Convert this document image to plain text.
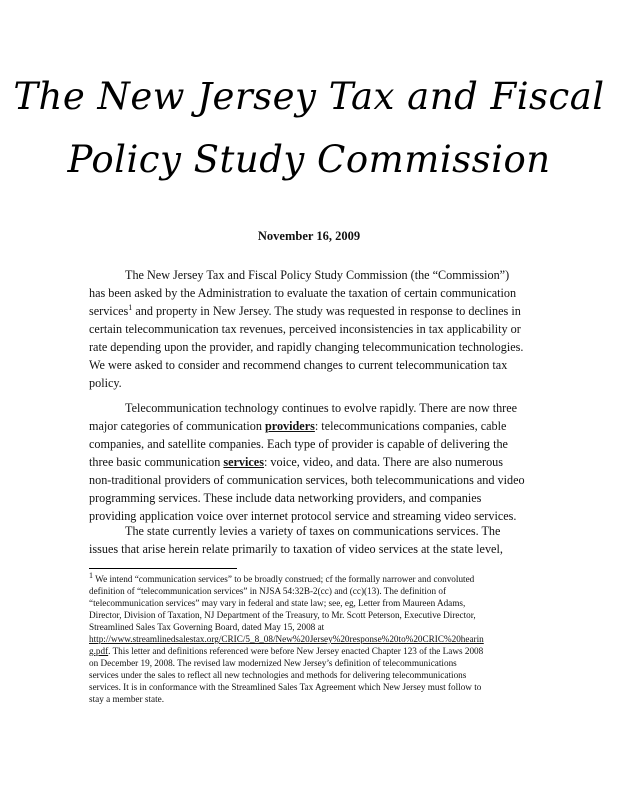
The New Jersey Tax and Fiscal
Policy Study Commission
November 16, 2009
The New Jersey Tax and Fiscal Policy Study Commission (the “Commission”)
has been asked by the Administration to evaluate the taxation of certain communication
services$^1$ and property in New Jersey. The study was requested in response to declines in
certain telecommunication tax revenues, perceived inconsistencies in tax applicability or
rate depending upon the provider, and rapidly changing telecommunication technologies.
We were asked to consider and recommend changes to current telecommunication tax
policy.
Telecommunication technology continues to evolve rapidly. There are now three
major categories of communication providers: telecommunications companies, cable
companies, and satellite companies. Each type of provider is capable of delivering the
three basic communication services: voice, video, and data. There are also numerous
non-traditional providers of communication services, both telecommunications and video
programming services. These include data networking providers, and companies
providing application voice over internet protocol service and streaming video services.
The state currently levies a variety of taxes on communications services. The
issues that arise herein relate primarily to taxation of video services at the state level,
1 We intend “communication services” to be broadly construed; cf the formally narrower and convoluted
definition of “telecommunication services” in NJSA 54:32B-2(cc) and (cc)(13). The definition of
“telecommunication services” may vary in federal and state law; see, eg, Letter from Maureen Adams,
Director, Division of Taxation, NJ Department of the Treasury, to Mr. Scott Peterson, Executive Director,
Streamlined Sales Tax Governing Board, dated May 15, 2008 at
http://www.streamlinedsalestax.org/CRIC/5_8_08/New%20Jersey%20response%20to%20CRIC%20hearin
g.pdf. This letter and definitions referenced were before New Jersey enacted Chapter 123 of the Laws 2008
on December 19, 2008. The revised law modernized New Jersey’s definition of telecommunications
services under the sales to reflect all new technologies and methods for delivering telecommunications
services. It is in conformance with the Streamlined Sales Tax Agreement which New Jersey must follow to
stay a member state.
